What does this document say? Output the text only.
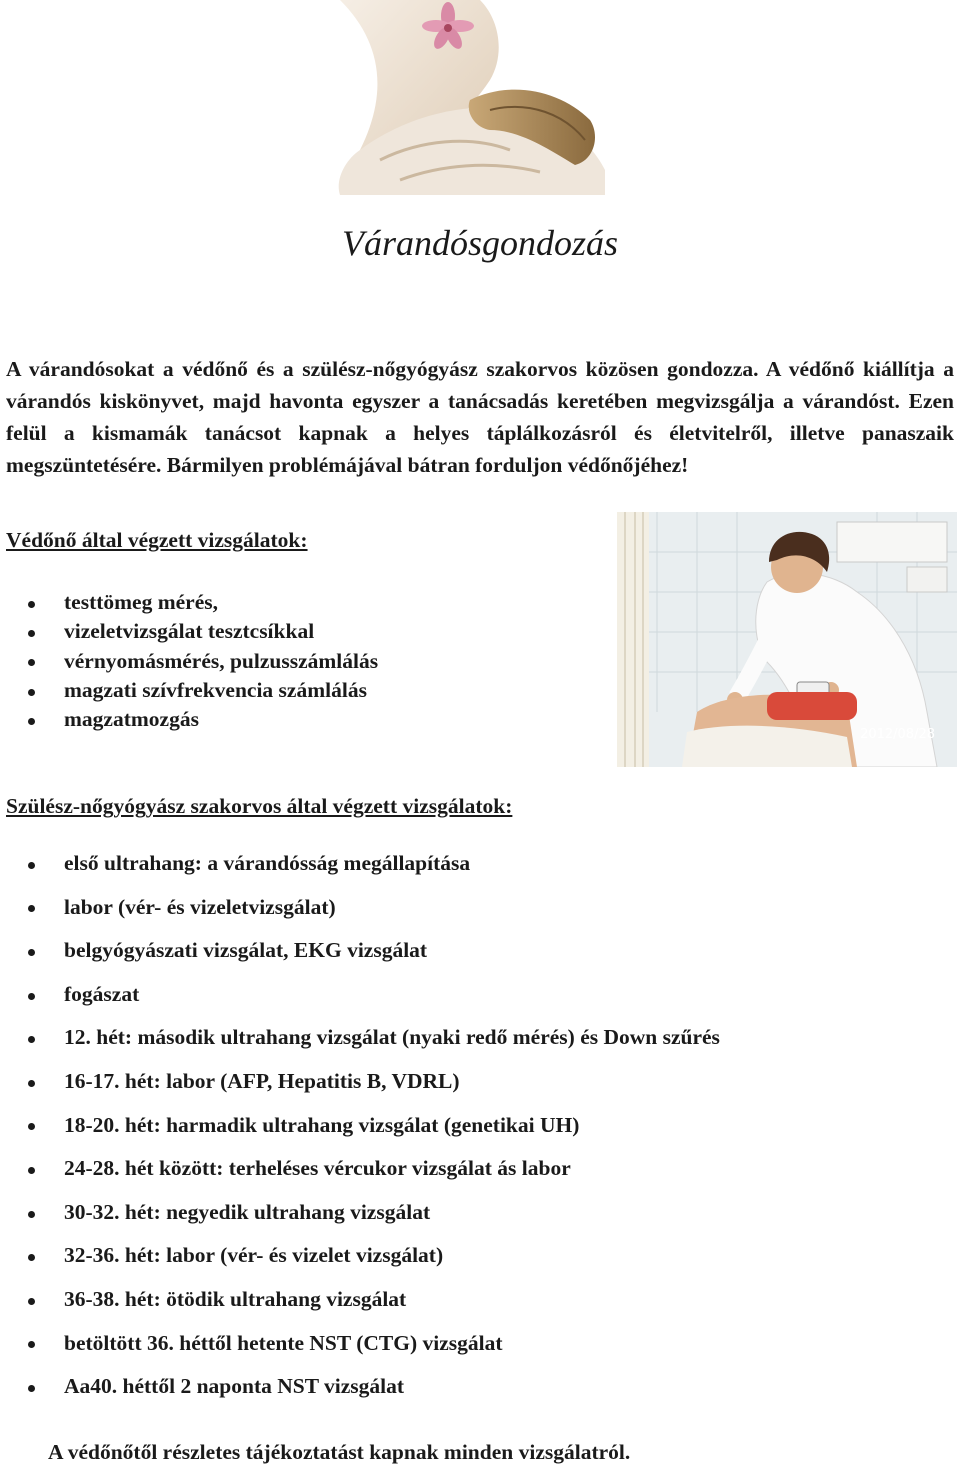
Várandósgondozás

A várandósokat a védőnő és a szülész-nőgyógyász szakorvos közösen gondozza. A védőnő kiállítja a várandós kiskönyvet, majd havonta egyszer a tanácsadás keretében megvizsgálja a várandóst. Ezen felül a kismamák tanácsot kapnak a helyes táplálkozásról és életvitelről, illetve panaszaik megszüntetésére. Bármilyen problémájával bátran forduljon védőnőjéhez!

Védőnő által végzett vizsgálatok:

testtömeg mérés,
vizeletvizsgálat tesztcsíkkal
vérnyomásmérés, pulzusszámlálás
magzati szívfrekvencia számlálás
magzatmozgás
2012/08/28

Szülész-nőgyógyász szakorvos által végzett vizsgálatok:

első ultrahang: a várandósság megállapítása
labor (vér- és vizeletvizsgálat)
belgyógyászati vizsgálat, EKG vizsgálat
fogászat
12. hét: második ultrahang vizsgálat (nyaki redő mérés) és Down szűrés
16-17. hét: labor (AFP, Hepatitis B, VDRL)
18-20. hét: harmadik ultrahang vizsgálat (genetikai UH)
24-28. hét között: terheléses vércukor vizsgálat ás labor
30-32. hét: negyedik ultrahang vizsgálat
32-36. hét: labor (vér- és vizelet vizsgálat)
36-38. hét: ötödik ultrahang vizsgálat
betöltött 36. héttől hetente NST (CTG) vizsgálat
Aa40. héttől 2 naponta NST vizsgálat

A védőnőtől részletes tájékoztatást kapnak minden vizsgálatról.
